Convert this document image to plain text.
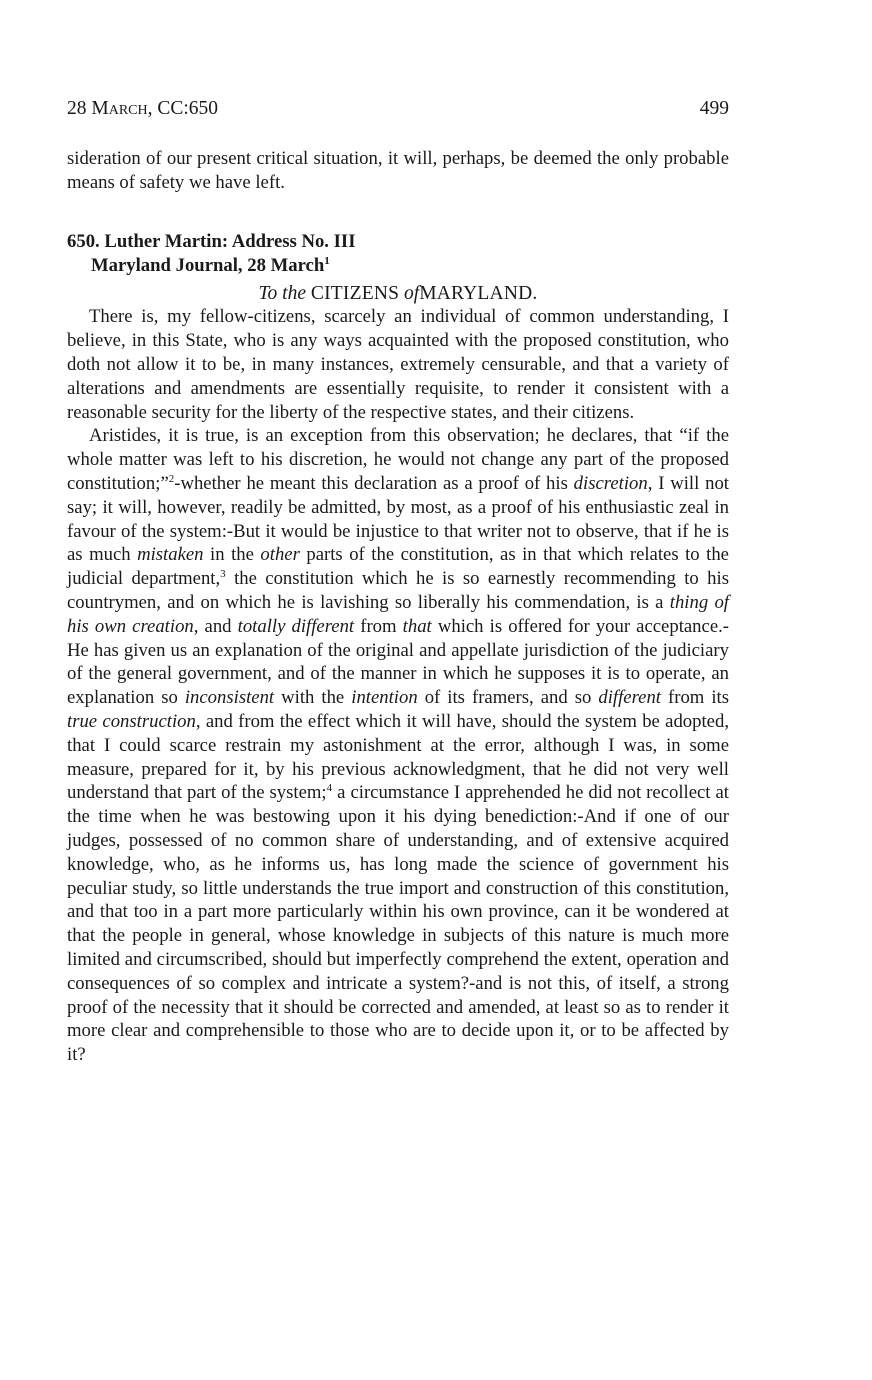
28 March, CC:650	499

sideration of our present critical situation, it will, perhaps, be deemed the only probable means of safety we have left.

650. Luther Martin: Address No. III
Maryland Journal, 28 March$^1$

To the CITIZENS ofMARYLAND.

There is, my fellow-citizens, scarcely an individual of common understanding, I believe, in this State, who is any ways acquainted with the proposed constitution, who doth not allow it to be, in many instances, extremely censurable, and that a variety of alterations and amendments are essentially requisite, to render it consistent with a reasonable security for the liberty of the respective states, and their citizens.

Aristides, it is true, is an exception from this observation; he declares, that “if the whole matter was left to his discretion, he would not change any part of the proposed constitution;”$^2$-whether he meant this declaration as a proof of his discretion, I will not say; it will, however, readily be admitted, by most, as a proof of his enthusiastic zeal in favour of the system:-But it would be injustice to that writer not to observe, that if he is as much mistaken in the other parts of the constitution, as in that which relates to the judicial department,$^3$ the constitution which he is so earnestly recommending to his countrymen, and on which he is lavishing so liberally his commendation, is a thing of his own creation, and totally different from that which is offered for your acceptance.-He has given us an explanation of the original and appellate jurisdiction of the judiciary of the general government, and of the manner in which he supposes it is to operate, an explanation so inconsistent with the intention of its framers, and so different from its true construction, and from the effect which it will have, should the system be adopted, that I could scarce restrain my astonishment at the error, although I was, in some measure, prepared for it, by his previous acknowledgment, that he did not very well understand that part of the system;$^4$ a circumstance I apprehended he did not recollect at the time when he was bestowing upon it his dying benediction:-And if one of our judges, possessed of no common share of understanding, and of extensive acquired knowledge, who, as he informs us, has long made the science of government his peculiar study, so little understands the true import and construction of this constitution, and that too in a part more particularly within his own province, can it be wondered at that the people in general, whose knowledge in subjects of this nature is much more limited and circumscribed, should but imperfectly comprehend the extent, operation and consequences of so complex and intricate a system?-and is not this, of itself, a strong proof of the necessity that it should be corrected and amended, at least so as to render it more clear and comprehensible to those who are to decide upon it, or to be affected by it?
